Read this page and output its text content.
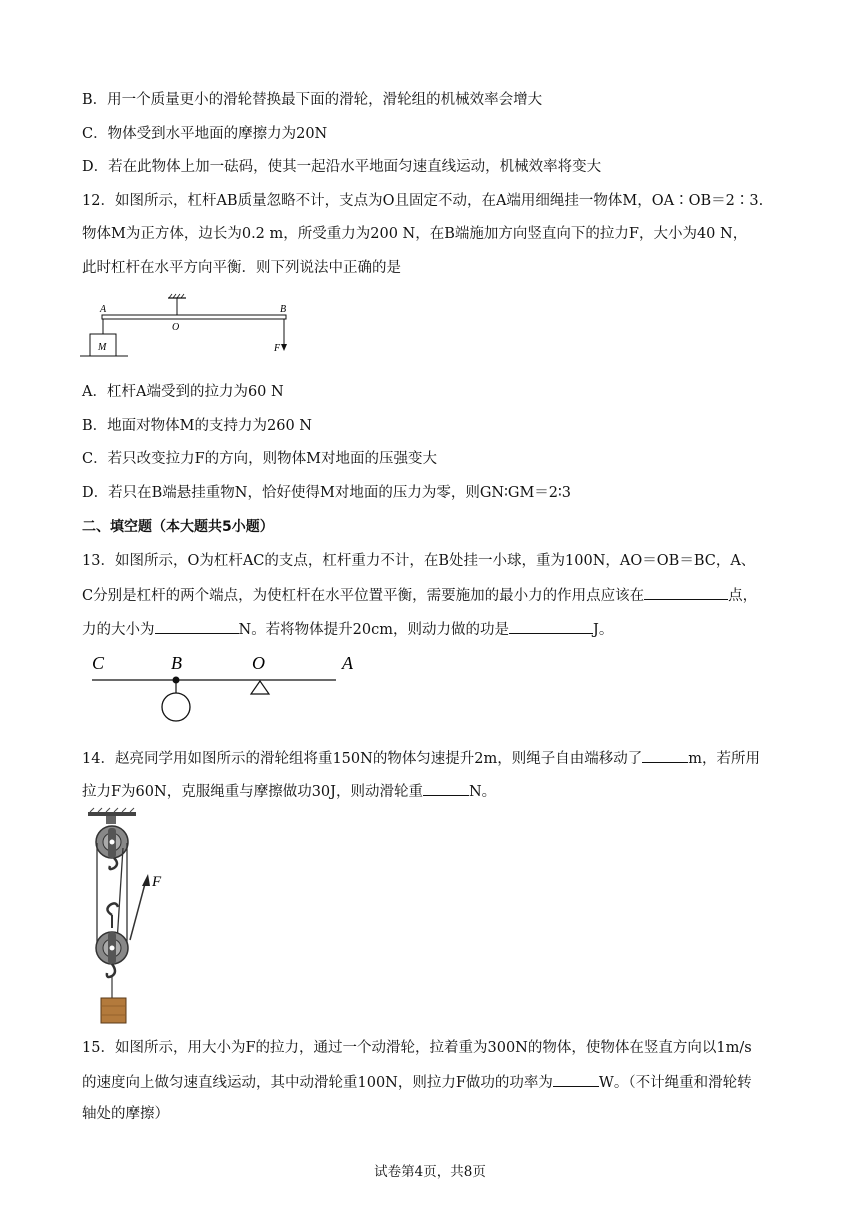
B．用一个质量更小的滑轮替换最下面的滑轮，滑轮组的机械效率会增大
C．物体受到水平地面的摩擦力为20N
D．若在此物体上加一砝码，使其一起沿水平地面匀速直线运动，机械效率将变大
12．如图所示，杠杆AB质量忽略不计，支点为O且固定不动，在A端用细绳挂一物体M，OA∶OB＝2∶3.
物体M为正方体，边长为0.2 m，所受重力为200 N，在B端施加方向竖直向下的拉力F，大小为40 N，
此时杠杆在水平方向平衡．则下列说法中正确的是
A
O
B
M	F
A．杠杆A端受到的拉力为60 N
B．地面对物体M的支持力为260 N
C．若只改变拉力F的方向，则物体M对地面的压强变大
D．若只在B端悬挂重物N，恰好使得M对地面的压力为零，则GN∶GM＝2∶3
二、填空题（本大题共5小题）
13．如图所示，O为杠杆AC的支点，杠杆重力不计，在B处挂一小球，重为100N，AO＝OB＝BC，A、
C分别是杠杆的两个端点，为使杠杆在水平位置平衡，需要施加的最小力的作用点应该在	点，
力的大小为	N。若将物体提升20cm，则动力做的功是	J。
C	B	O	A
14．赵亮同学用如图所示的滑轮组将重150N的物体匀速提升2m，则绳子自由端移动了	m，若所用
拉力F为60N，克服绳重与摩擦做功30J，则动滑轮重	N。
F
15．如图所示，用大小为F的拉力，通过一个动滑轮，拉着重为300N的物体，使物体在竖直方向以1m/s
的速度向上做匀速直线运动，其中动滑轮重100N，则拉力F做功的功率为	W。（不计绳重和滑轮转
轴处的摩擦）
试卷第4页，共8页
